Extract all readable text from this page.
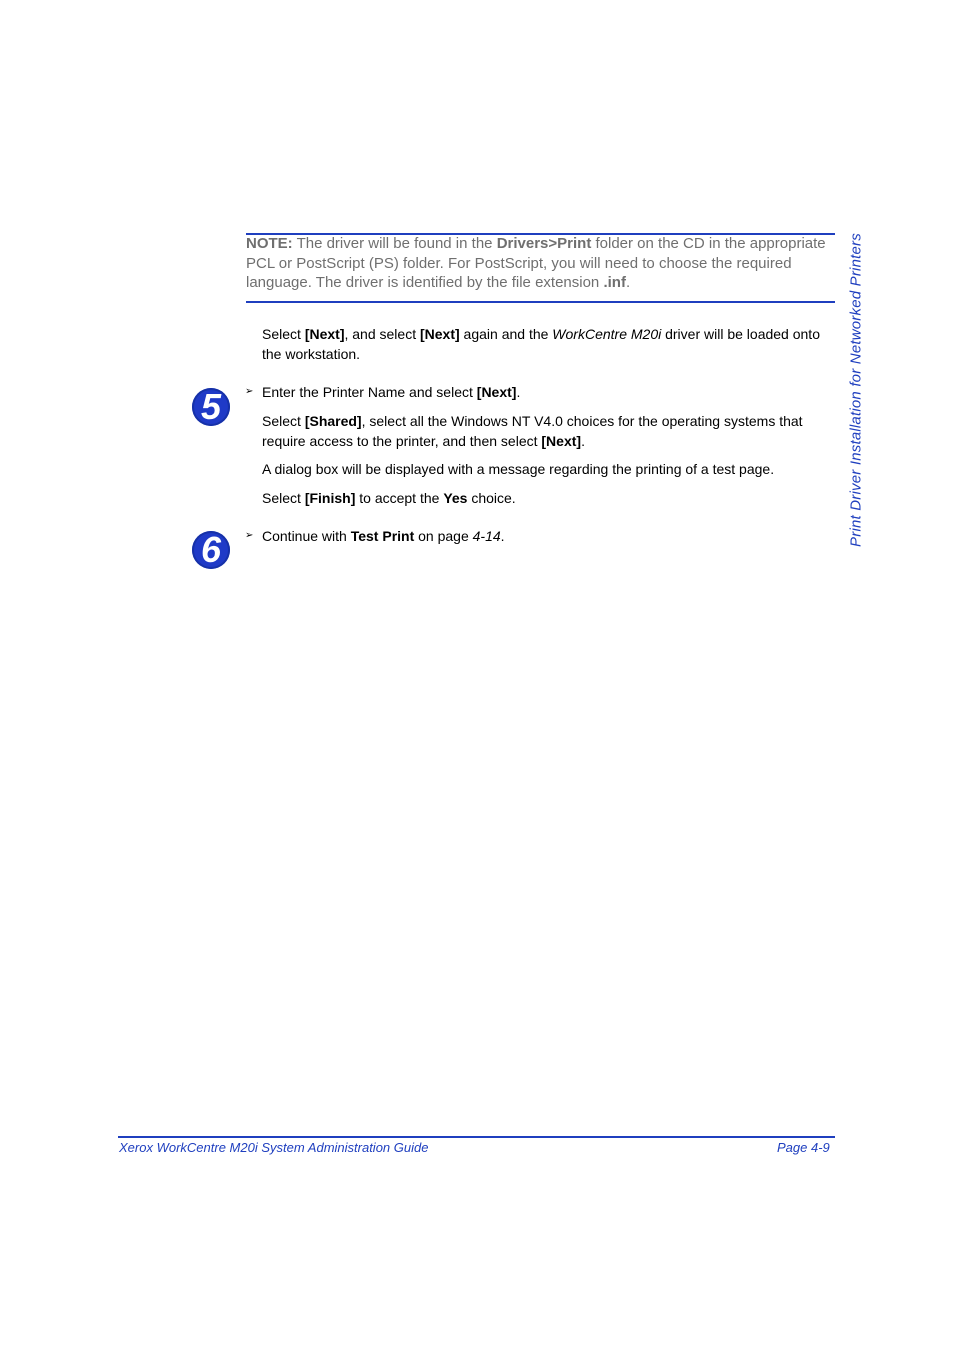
Print Driver Installation for Networked Printers
NOTE: The driver will be found in the Drivers>Print folder on the CD in the appropriate PCL or PostScript (PS) folder. For PostScript, you will need to choose the required language. The driver is identified by the file extension .inf.
Select [Next], and select [Next] again and the WorkCentre M20i driver will be loaded onto the workstation.
5	➢ Enter the Printer Name and select [Next].
Select [Shared], select all the Windows NT V4.0 choices for the operating systems that require access to the printer, and then select [Next].
A dialog box will be displayed with a message regarding the printing of a test page.
Select [Finish] to accept the Yes choice.
6	➢ Continue with Test Print on page 4-14.
Xerox WorkCentre M20i System Administration Guide	Page 4-9
